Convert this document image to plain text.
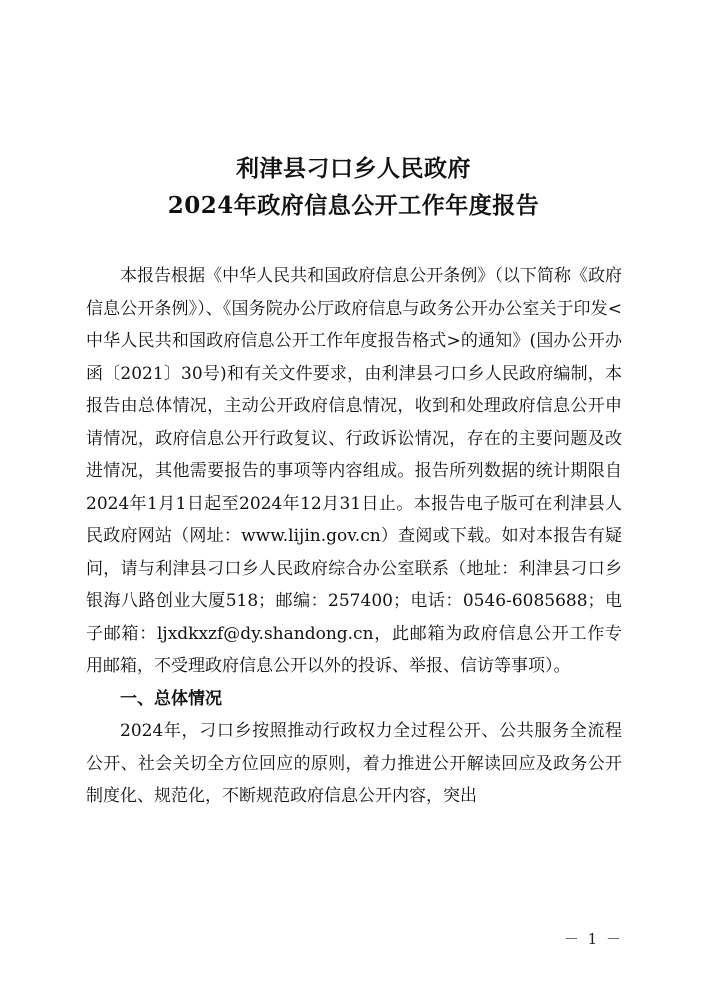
利津县刁口乡人民政府
2024年政府信息公开工作年度报告

本报告根据《中华人民共和国政府信息公开条例》（以下简称《政府信息公开条例》）、《国务院办公厅政府信息与政务公开办公室关于印发<中华人民共和国政府信息公开工作年度报告格式>的通知》(国办公开办函〔2021〕30号)和有关文件要求，由利津县刁口乡人民政府编制，本报告由总体情况，主动公开政府信息情况，收到和处理政府信息公开申请情况，政府信息公开行政复议、行政诉讼情况，存在的主要问题及改进情况，其他需要报告的事项等内容组成。报告所列数据的统计期限自2024年1月1日起至2024年12月31日止。本报告电子版可在利津县人民政府网站（网址：www.lijin.gov.cn）查阅或下载。如对本报告有疑问，请与利津县刁口乡人民政府综合办公室联系（地址：利津县刁口乡银海八路创业大厦518；邮编：257400；电话：0546-6085688；电子邮箱：ljxdkxzf@dy.shandong.cn，此邮箱为政府信息公开工作专用邮箱，不受理政府信息公开以外的投诉、举报、信访等事项）。

一、总体情况

2024年，刁口乡按照推动行政权力全过程公开、公共服务全流程公开、社会关切全方位回应的原则，着力推进公开解读回应及政务公开制度化、规范化，不断规范政府信息公开内容，突出

－ 1 －
